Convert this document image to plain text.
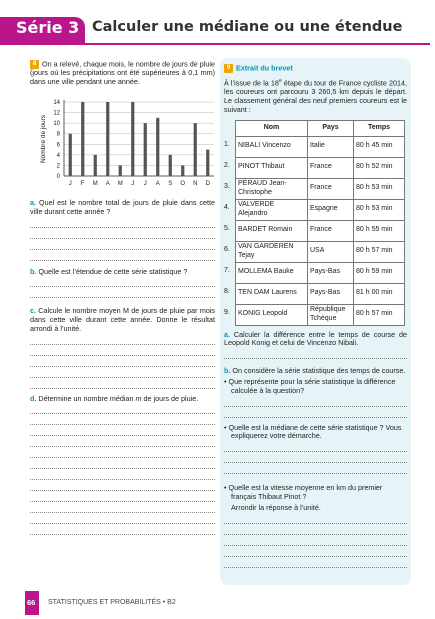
Série 3 Calculer une médiane ou une étendue
8 On a relevé, chaque mois, le nombre de jours de pluie (jours où les précipitations ont été supérieures à 0,1 mm) dans une ville pendant une année.
0
2
4
6
8
10
12
14
J F M A M J J A S O N D
Nombre de jours
a. Quel est le nombre total de jours de pluie dans cette ville durant cette année ?
b. Quelle est l’étendue de cette série statistique ?
c. Calcule le nombre moyen M de jours de pluie par mois dans cette ville durant cette année. Donne le résultat arrondi à l’unité.
d. Détermine un nombre médian m de jours de pluie.
9 Extrait du brevet
À l’issue de la 18e étape du tour de France cycliste 2014, les coureurs ont parcouru 3 260,5 km depuis le départ. Le classement général des neuf premiers coureurs est le suivant :
1.
2.
3.
4.
5.
6.
7.
8.
9.
Nom	Pays	Temps
NIBALI Vincenzo	Italie	80 h 45 min
PINOT Thibaut	France	80 h 52 min
PÉRAUD Jean-Christophe	France	80 h 53 min
VALVERDE Alejandro	Espagne	80 h 53 min
BARDET Romain	France	80 h 55 min
VAN GARDEREN Tejay	USA	80 h 57 min
MOLLEMA Bauke	Pays-Bas	80 h 59 min
TEN DAM Laurens	Pays-Bas	81 h 00 min
KONIG Leopold	République Tchèque	80 h 57 min
a. Calculer la différence entre le temps de course de Leopold Konig et celui de Vincenzo Nibali.
b. On considère la série statistique des temps de course.
• Que représente pour la série statistique la différence calculée à la question?
• Quelle est la médiane de cette série statistique ? Vous expliquerez votre démarche.
• Quelle est la vitesse moyenne en km du premier français Thibaut Pinot ?
Arrondir la réponse à l’unité.
66 STATISTIQUES ET PROBABILITÉS • B2
